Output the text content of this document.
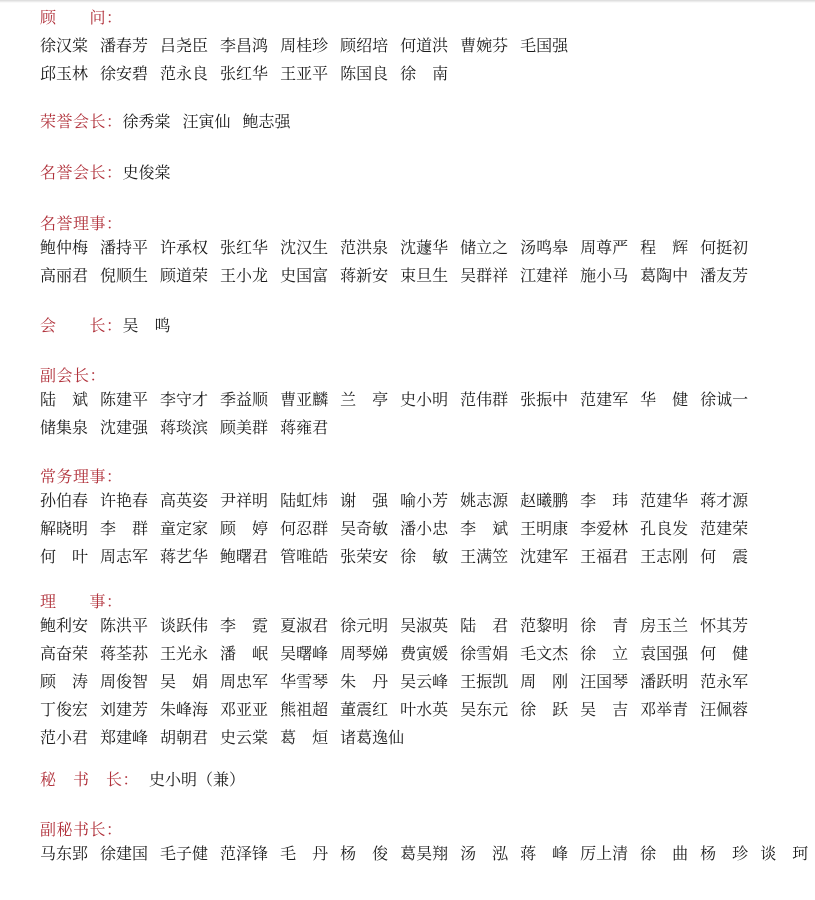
顾　　问：
徐汉棠 潘春芳 吕尧臣 李昌鸿 周桂珍 顾绍培 何道洪 曹婉芬 毛国强
邱玉林 徐安碧 范永良 张红华 王亚平 陈国良 徐　南
荣誉会长： 徐秀棠 汪寅仙 鲍志强
名誉会长： 史俊棠
名誉理事：
鲍仲梅 潘持平 许承权 张红华 沈汉生 范洪泉 沈蘧华 储立之 汤鸣皋 周尊严 程　辉 何挺初
高丽君 倪顺生 顾道荣 王小龙 史国富 蒋新安 束旦生 吴群祥 江建祥 施小马 葛陶中 潘友芳
会　　长： 吴　鸣
副会长：
陆　斌 陈建平 李守才 季益顺 曹亚麟 兰　亭 史小明 范伟群 张振中 范建军 华　健 徐诚一
储集泉 沈建强 蒋琰滨 顾美群 蒋雍君
常务理事：
孙伯春 许艳春 高英姿 尹祥明 陆虹炜 谢　强 喻小芳 姚志源 赵曦鹏 李　玮 范建华 蒋才源
解晓明 李　群 童定家 顾　婷 何忍群 吴奇敏 潘小忠 李　斌 王明康 李爱林 孔良发 范建荣
何　叶 周志军 蒋艺华 鲍曙君 管唯皓 张荣安 徐　敏 王满笠 沈建军 王福君 王志刚 何　震
理　　事：
鲍利安 陈洪平 谈跃伟 李　霓 夏淑君 徐元明 吴淑英 陆　君 范黎明 徐　青 房玉兰 怀其芳
高奋荣 蒋荃荪 王光永 潘　岷 吴曙峰 周琴娣 费寅媛 徐雪娟 毛文杰 徐　立 袁国强 何　健
顾　涛 周俊智 吴　娟 周忠军 华雪琴 朱　丹 吴云峰 王振凯 周　刚 汪国琴 潘跃明 范永军
丁俊宏 刘建芳 朱峰海 邓亚亚 熊祖超 董震红 叶水英 吴东元 徐　跃 吴　吉 邓举青 汪佩蓉
范小君 郑建峰 胡朝君 史云棠 葛　烜 诸葛逸仙
秘　书　长： 史小明（兼）
副秘书长：
马东郢 徐建国 毛子健 范泽锋 毛　丹 杨　俊 葛昊翔 汤　泓 蒋　峰 厉上清 徐　曲 杨　珍 谈　珂
